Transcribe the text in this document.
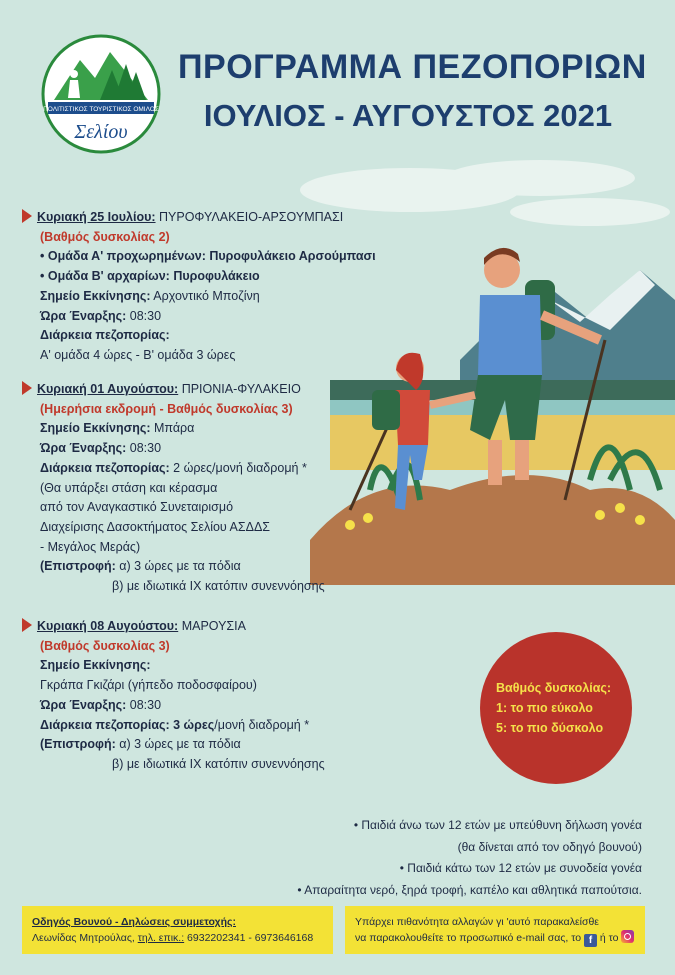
ΠΟΛΙΤΙΣΤΙΚΟΣ ΤΟΥΡΙΣΤΙΚΟΣ ΟΜΙΛΟΣ
Σελίου
ΠΡΟΓΡΑΜΜΑ ΠΕΖΟΠΟΡΙΩΝ
ΙΟΥΛΙΟΣ - ΑΥΓΟΥΣΤΟΣ 2021
Κυριακή 25 Ιουλίου: ΠΥΡΟΦΥΛΑΚΕΙΟ-ΑΡΣΟΥΜΠΑΣΙ
(Βαθμός δυσκολίας 2)
• Ομάδα Α' προχωρημένων: Πυροφυλάκειο Αρσούμπασι
• Ομάδα Β' αρχαρίων: Πυροφυλάκειο
Σημείο Εκκίνησης: Αρχοντικό Μποζίνη
Ώρα Έναρξης: 08:30
Διάρκεια πεζοπορίας:
Α' ομάδα 4 ώρες - Β' ομάδα 3 ώρες
Κυριακή 01 Αυγούστου: ΠΡΙΟΝΙΑ-ΦΥΛΑΚΕΙΟ
(Ημερήσια εκδρομή - Βαθμός δυσκολίας 3)
Σημείο Εκκίνησης: Μπάρα
Ώρα Έναρξης: 08:30
Διάρκεια πεζοπορίας: 2 ώρες/μονή διαδρομή *
(Θα υπάρξει στάση και κέρασμα
από τον Αναγκαστικό Συνεταιρισμό
Διαχείρισης Δασοκτήματος Σελίου ΑΣΔΔΣ
- Μεγάλος Μεράς)
(Επιστροφή: α) 3 ώρες με τα πόδια
β) με ιδιωτικά ΙΧ κατόπιν συνεννόησης
Κυριακή 08 Αυγούστου: ΜΑΡΟΥΣΙΑ
(Βαθμός δυσκολίας 3)
Σημείο Εκκίνησης:
Γκράπα Γκιζάρι (γήπεδο ποδοσφαίρου)
Ώρα Έναρξης: 08:30
Διάρκεια πεζοπορίας: 3 ώρες/μονή διαδρομή *
(Επιστροφή: α) 3 ώρες με τα πόδια
β) με ιδιωτικά ΙΧ κατόπιν συνεννόησης
Βαθμός δυσκολίας:
1: το πιο εύκολο
5: το πιο δύσκολο
• Παιδιά άνω των 12 ετών με υπεύθυνη δήλωση γονέα
(θα δίνεται από τον οδηγό βουνού)
• Παιδιά κάτω των 12 ετών με συνοδεία γονέα
• Απαραίτητα νερό, ξηρά τροφή, καπέλο και αθλητικά παπούτσια.
Οδηγός Βουνού - Δηλώσεις συμμετοχής:
Λεωνίδας Μητρούλας, τηλ. επικ.: 6932202341 - 6973646168
Υπάρχει πιθανότητα αλλαγών γι 'αυτό παρακαλείσθε
να παρακολουθείτε το προσωπικό e-mail σας, το f ή το
